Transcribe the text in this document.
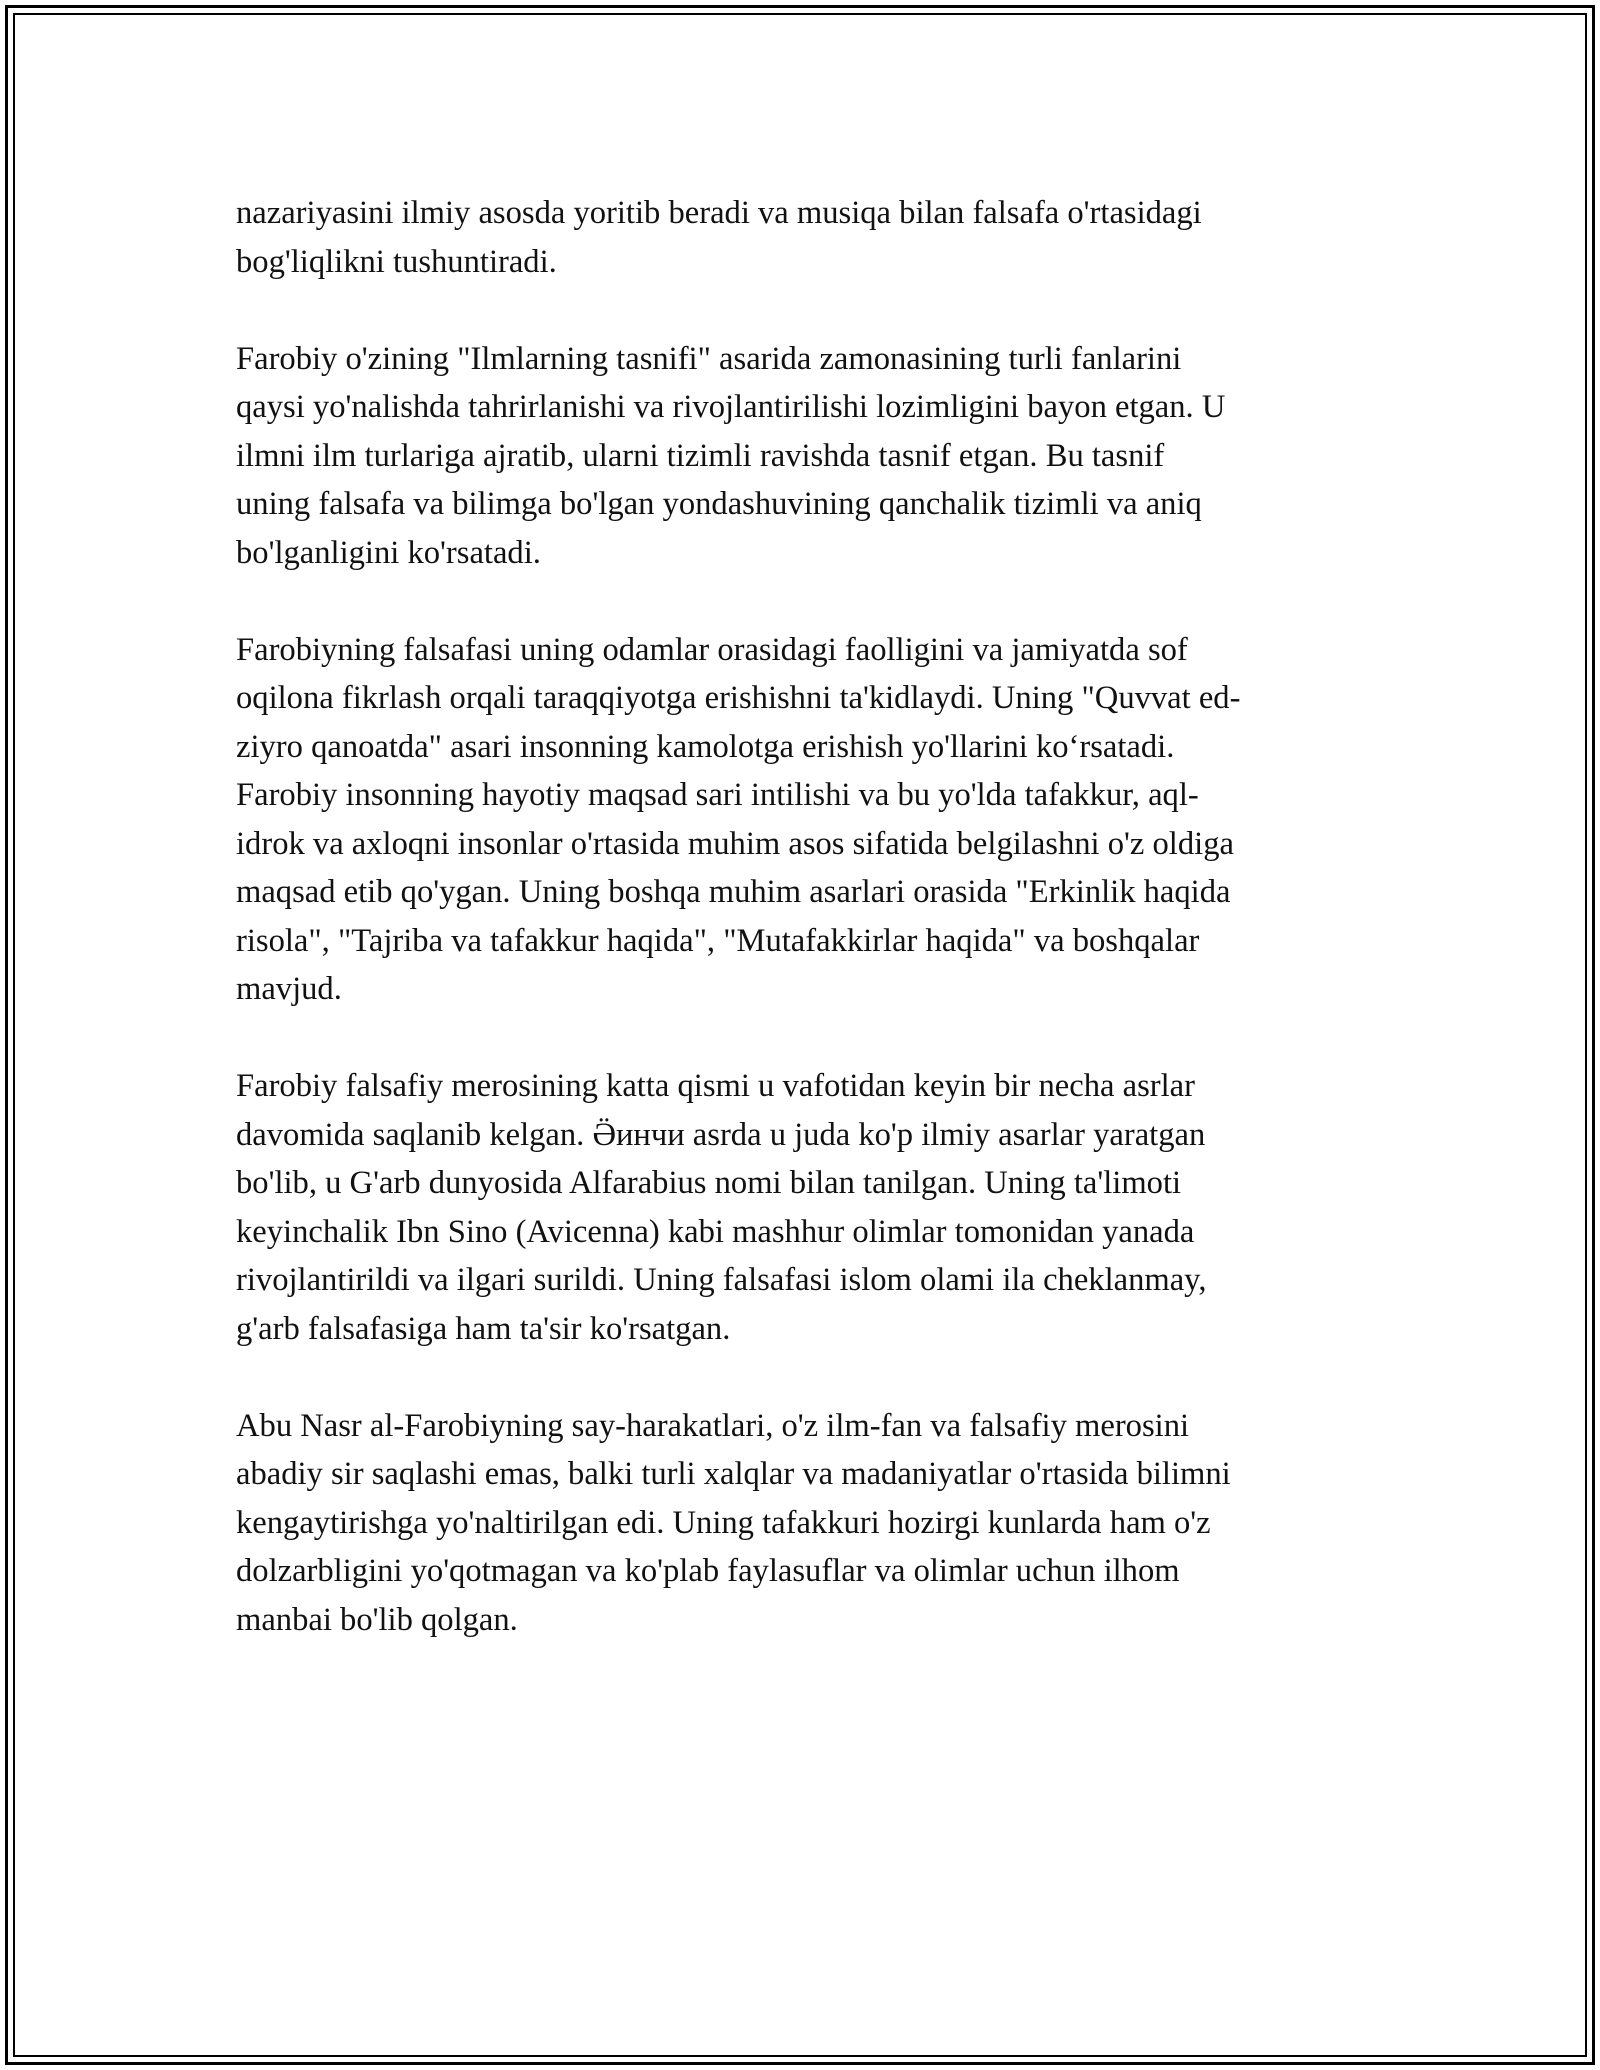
nazariyasini ilmiy asosda yoritib beradi va musiqa bilan falsafa o'rtasidagi
bog'liqlikni tushuntiradi.

Farobiy o'zining "Ilmlarning tasnifi" asarida zamonasining turli fanlarini
qaysi yo'nalishda tahrirlanishi va rivojlantirilishi lozimligini bayon etgan. U
ilmni ilm turlariga ajratib, ularni tizimli ravishda tasnif etgan. Bu tasnif
uning falsafa va bilimga bo'lgan yondashuvining qanchalik tizimli va aniq
bo'lganligini ko'rsatadi.

Farobiyning falsafasi uning odamlar orasidagi faolligini va jamiyatda sof
oqilona fikrlash orqali taraqqiyotga erishishni ta'kidlaydi. Uning "Quvvat ed-
ziyro qanoatda" asari insonning kamolotga erishish yo'llarini ko‘rsatadi.
Farobiy insonning hayotiy maqsad sari intilishi va bu yo'lda tafakkur, aql-
idrok va axloqni insonlar o'rtasida muhim asos sifatida belgilashni o'z oldiga
maqsad etib qo'ygan. Uning boshqa muhim asarlari orasida "Erkinlik haqida
risola", "Tajriba va tafakkur haqida", "Mutafakkirlar haqida" va boshqalar
mavjud.

Farobiy falsafiy merosining katta qismi u vafotidan keyin bir necha asrlar
davomida saqlanib kelgan. Ӛинчи asrda u juda ko'p ilmiy asarlar yaratgan
bo'lib, u G'arb dunyosida Alfarabius nomi bilan tanilgan. Uning ta'limoti
keyinchalik Ibn Sino (Avicenna) kabi mashhur olimlar tomonidan yanada
rivojlantirildi va ilgari surildi. Uning falsafasi islom olami ila cheklanmay,
g'arb falsafasiga ham ta'sir ko'rsatgan.

Abu Nasr al-Farobiyning say-harakatlari, o'z ilm-fan va falsafiy merosini
abadiy sir saqlashi emas, balki turli xalqlar va madaniyatlar o'rtasida bilimni
kengaytirishga yo'naltirilgan edi. Uning tafakkuri hozirgi kunlarda ham o'z
dolzarbligini yo'qotmagan va ko'plab faylasuflar va olimlar uchun ilhom
manbai bo'lib qolgan.
